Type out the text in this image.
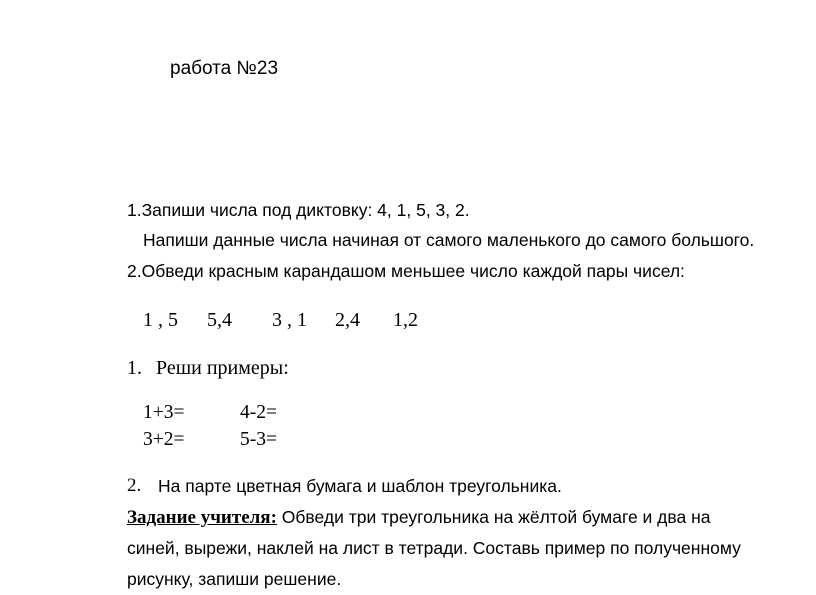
работа №23
1.Запиши числа под диктовку: 4, 1, 5, 3, 2.
Напиши данные числа начиная от самого маленького до самого большого.
2.Обведи красным карандашом меньшее число каждой пары чисел:
1 , 5 5,4 3 , 1 2,4 1,2
1. Реши примеры:
1+3=	4-2=
3+2=	5-3=
2. На парте цветная бумага и шаблон треугольника.
Задание учителя: Обведи три треугольника на жёлтой бумаге и два на синей, вырежи, наклей на лист в тетради. Составь пример по полученному рисунку, запиши решение.
